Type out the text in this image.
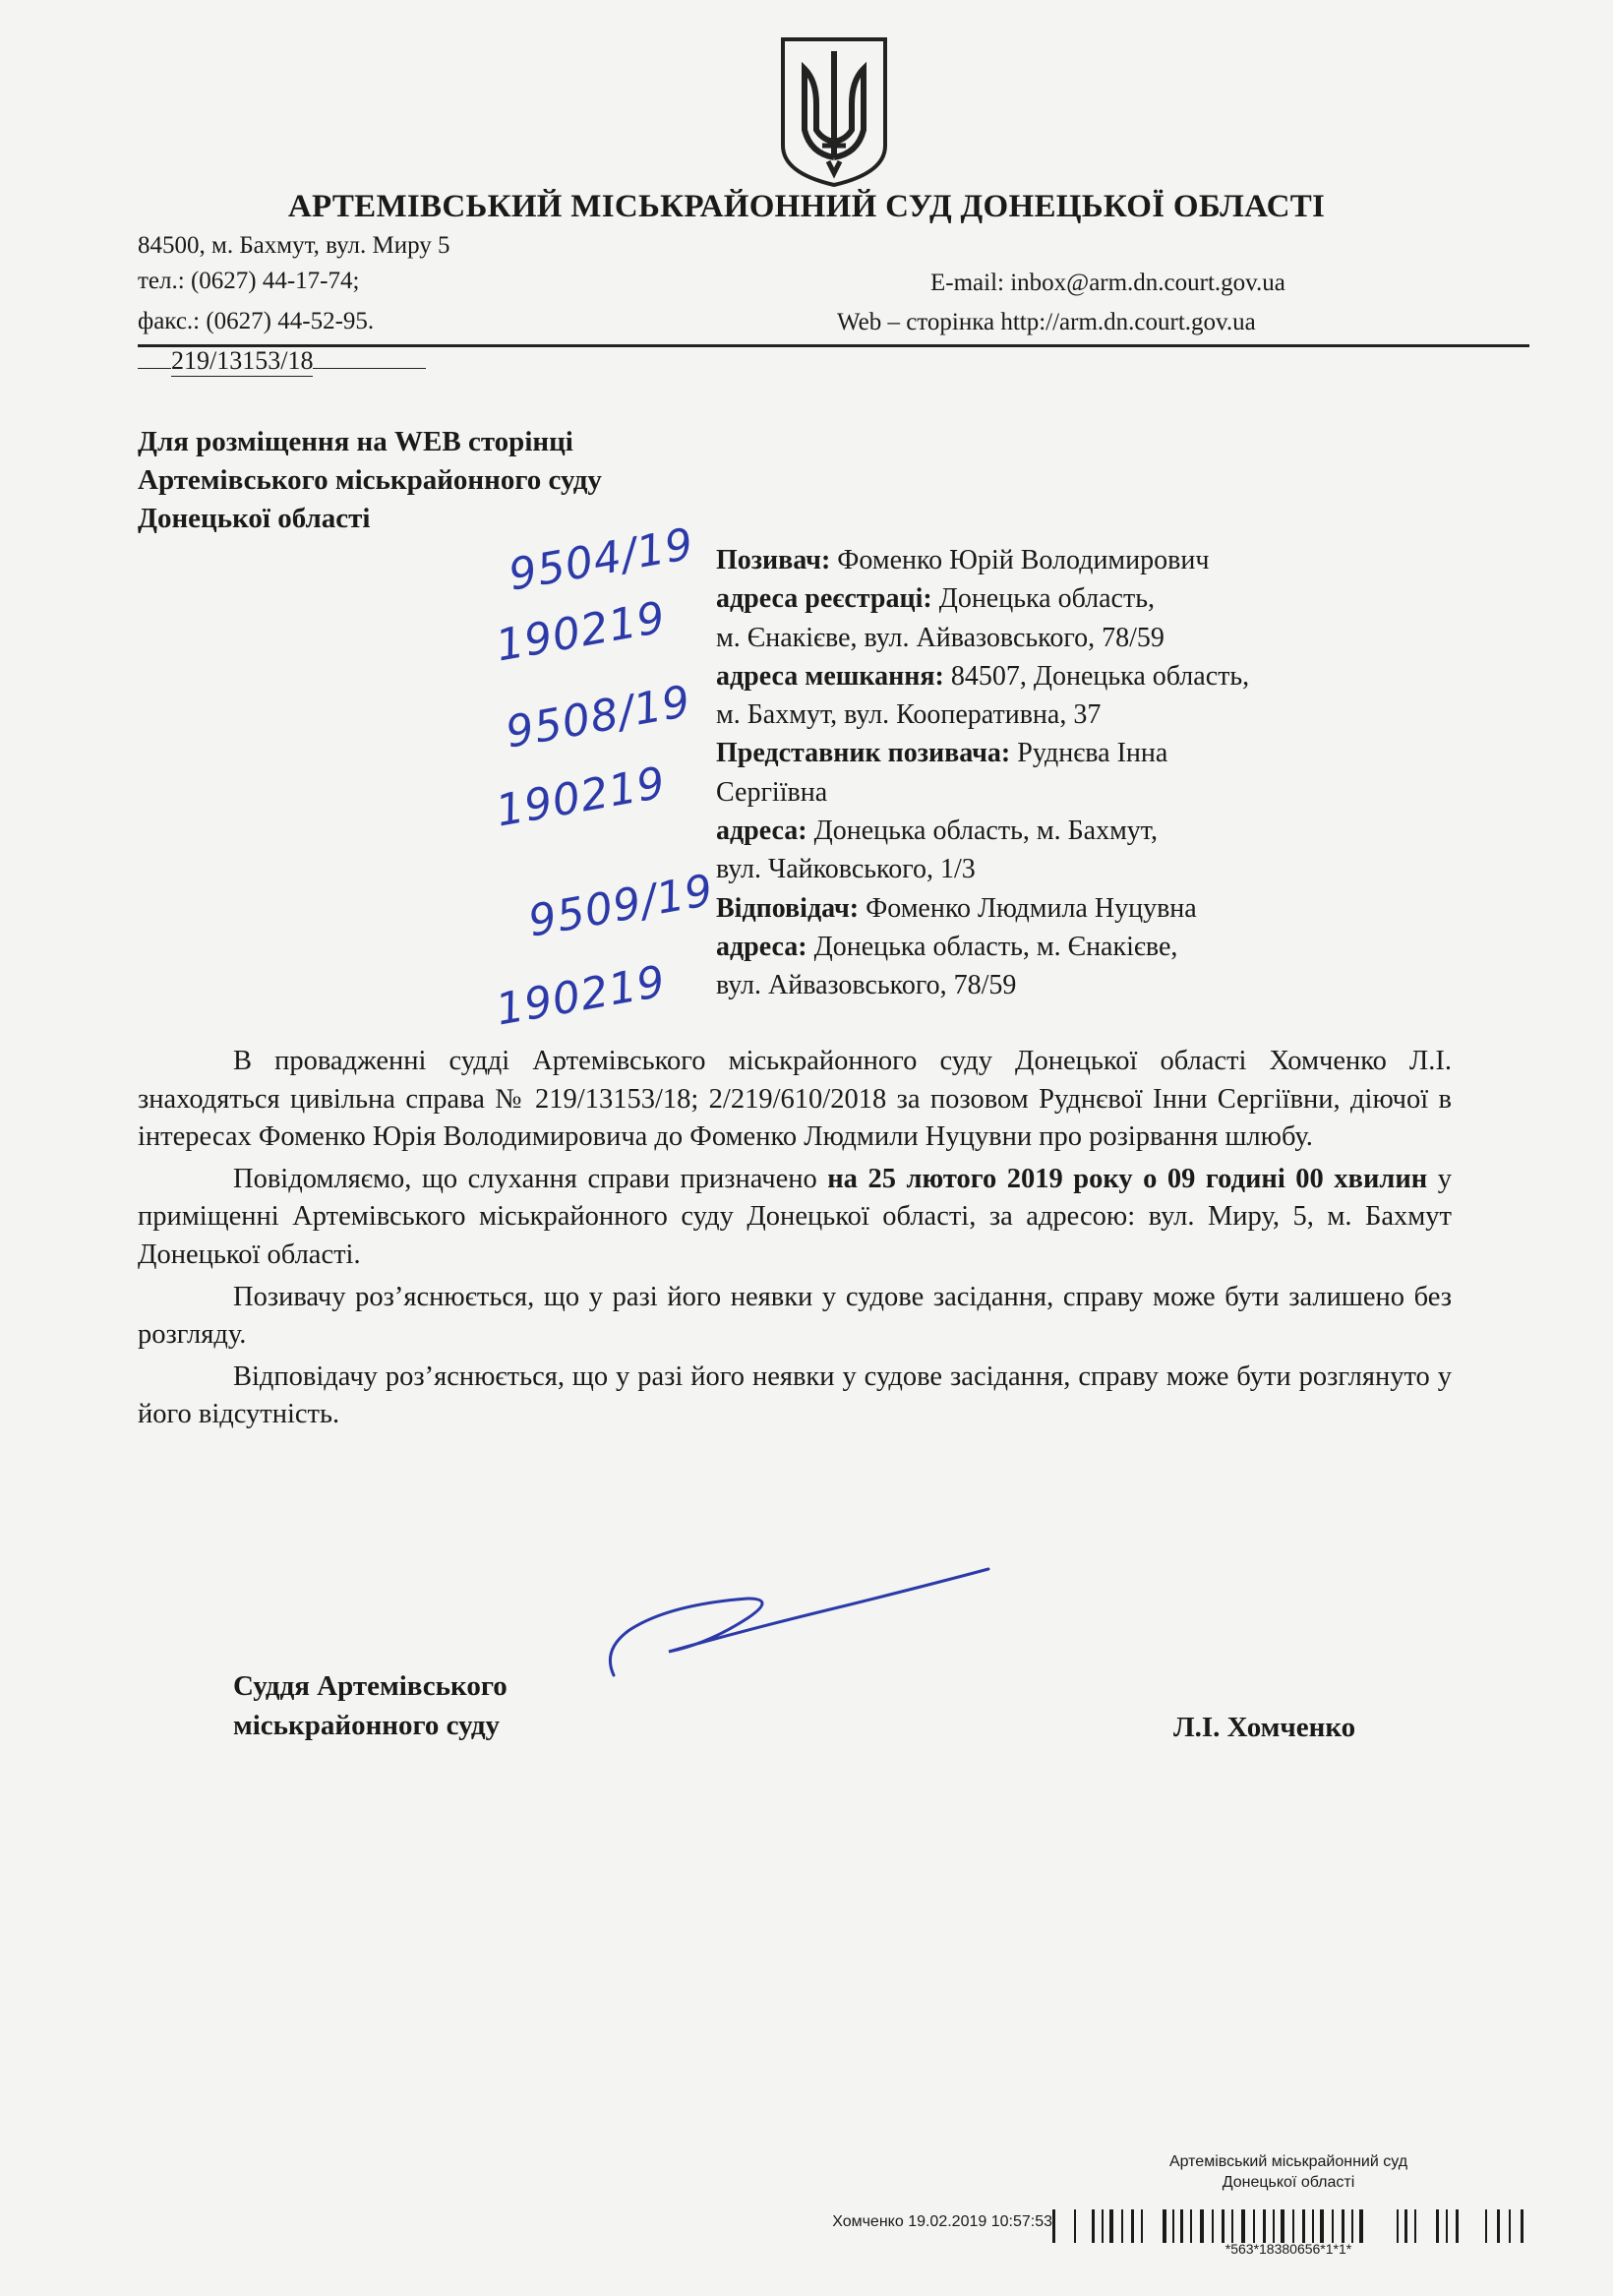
АРТЕМІВСЬКИЙ МІСЬКРАЙОННИЙ СУД ДОНЕЦЬКОЇ ОБЛАСТІ
84500, м. Бахмут, вул. Миру 5
тел.: (0627) 44-17-74;
факс.: (0627) 44-52-95.
E-mail: inbox@arm.dn.court.gov.ua
Web – сторінка http://arm.dn.court.gov.ua
219/13153/18
Для розміщення на WEB сторінці
Артемівського міськрайонного суду
Донецької області
9504/19
190219
9508/19
190219
9509/19
190219
Позивач: Фоменко Юрій Володимирович
адреса реєстраці: Донецька область,
м. Єнакієве, вул. Айвазовського, 78/59
адреса мешкання: 84507, Донецька область,
м. Бахмут, вул. Кооперативна, 37
Представник позивача: Руднєва Інна
Сергіївна
адреса: Донецька область, м. Бахмут,
вул. Чайковського, 1/3
Відповідач: Фоменко Людмила Нуцувна
адреса: Донецька область, м. Єнакієве,
вул. Айвазовського, 78/59

В провадженні судді Артемівського міськрайонного суду Донецької області Хомченко Л.І. знаходяться цивільна справа № 219/13153/18; 2/219/610/2018 за позовом Руднєвої Інни Сергіївни, діючої в інтересах Фоменко Юрія Володимировича до Фоменко Людмили Нуцувни про розірвання шлюбу.

Повідомляємо, що слухання справи призначено на 25 лютого 2019 року о 09 годині 00 хвилин у приміщенні Артемівського міськрайонного суду Донецької області, за адресою: вул. Миру, 5, м. Бахмут Донецької області.

Позивачу роз’яснюється, що у разі його неявки у судове засідання, справу може бути залишено без розгляду.

Відповідачу роз’яснюється, що у разі його неявки у судове засідання, справу може бути розглянуто у його відсутність.

Суддя Артемівського
міськрайонного суду	Л.І. Хомченко
Артемівський міськрайонний суд
Донецької області
Хомченко 19.02.2019 10:57:53
*563*18380656*1*1*
